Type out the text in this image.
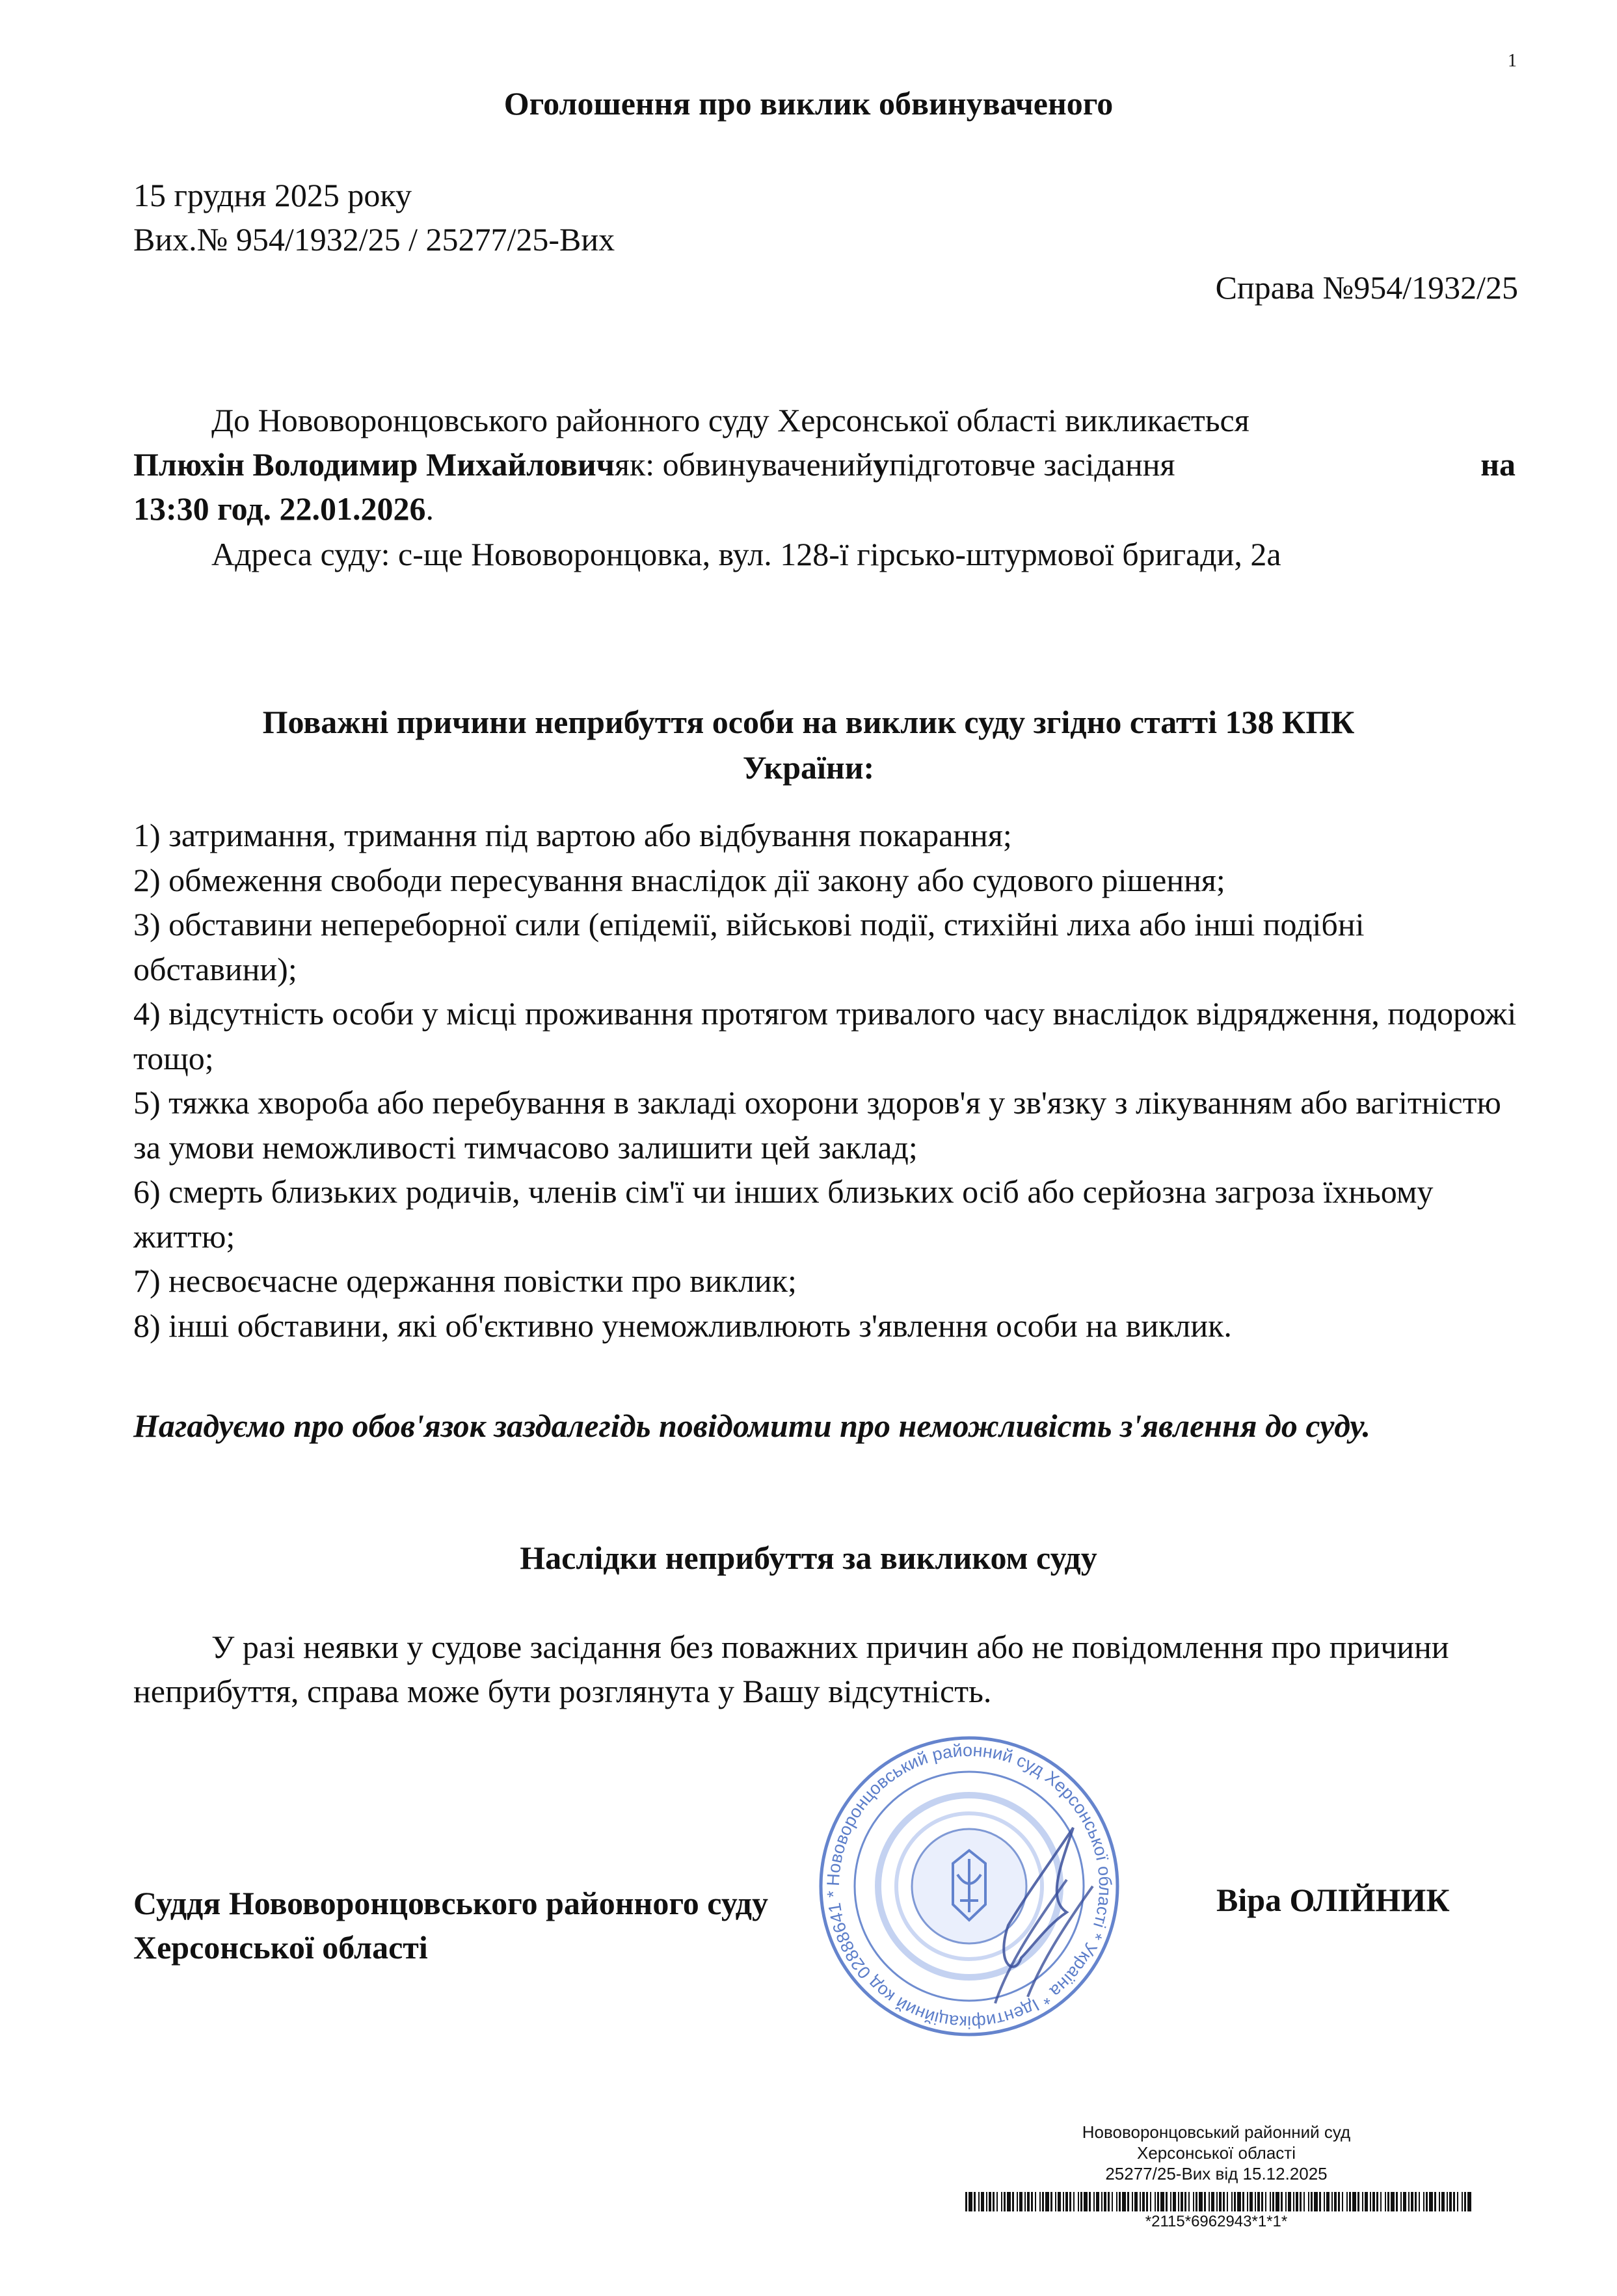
1
Оголошення про виклик обвинуваченого
15 грудня 2025 року
Вих.№ 954/1932/25 / 25277/25-Вих
Справа №954/1932/25
До Нововоронцовського районного суду Херсонської області викликається
Плюхін Володимир Михайловичяк: обвинуваченийупідготовче засідання	на
13:30 год. 22.01.2026.
Адреса суду: с-ще Нововоронцовка, вул. 128-ї гірсько-штурмової бригади, 2а
Поважні причини неприбуття особи на виклик суду згідно статті 138 КПК
України:
1) затримання, тримання під вартою або відбування покарання;
2) обмеження свободи пересування внаслідок дії закону або судового рішення;
3) обставини непереборної сили (епідемії, військові події, стихійні лиха або інші подібні обставини);
4) відсутність особи у місці проживання протягом тривалого часу внаслідок відрядження, подорожі тощо;
5) тяжка хвороба або перебування в закладі охорони здоров'я у зв'язку з лікуванням або вагітністю за умови неможливості тимчасово залишити цей заклад;
6) смерть близьких родичів, членів сім'ї чи інших близьких осіб або серйозна загроза їхньому життю;
7) несвоєчасне одержання повістки про виклик;
8) інші обставини, які об'єктивно унеможливлюють з'явлення особи на виклик.
Нагадуємо про обов'язок заздалегідь повідомити про неможливість з'явлення до суду.
Наслідки неприбуття за викликом суду
У разі неявки у судове засідання без поважних причин або не повідомлення про причини неприбуття, справа може бути розглянута у Вашу відсутність.
Суддя Нововоронцовського районного суду
Херсонської області
Нововоронцовський районний суд Херсонської області * Україна * Ідентифікаційний код 02888641 *	Віра ОЛІЙНИК
Нововоронцовський районний суд
Херсонської області
25277/25-Вих від 15.12.2025
*2115*6962943*1*1*
